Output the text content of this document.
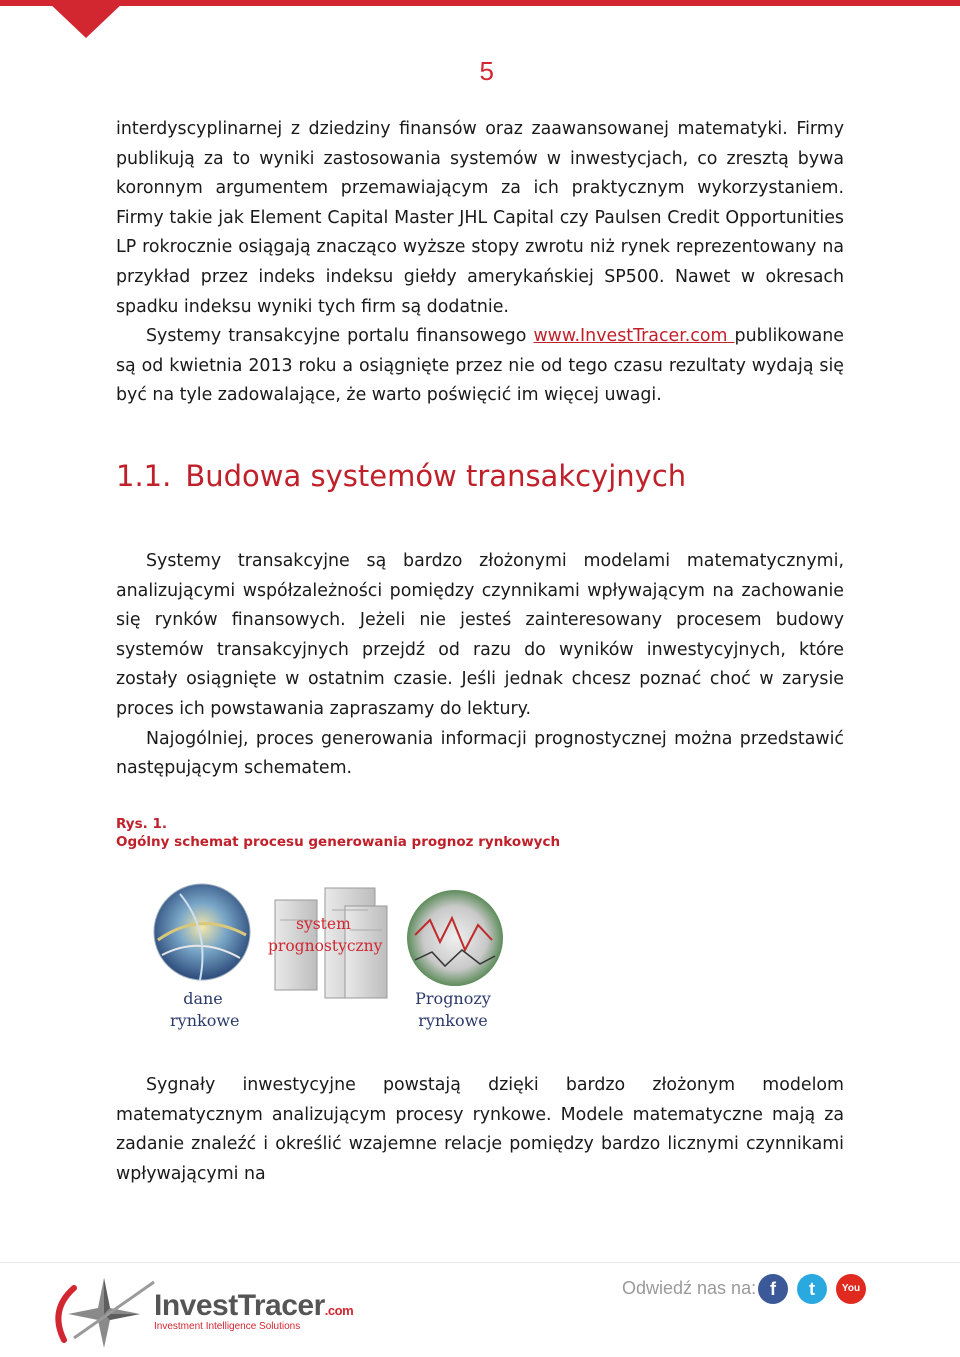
5

interdyscyplinarnej z dziedziny finansów oraz zaawansowanej matematyki. Firmy publikują za to wyniki zastosowania systemów w inwestycjach, co zresztą bywa koronnym argumentem przemawiającym za ich praktycznym wykorzystaniem. Firmy takie jak Element Capital Master JHL Capital czy Paulsen Credit Opportunities LP rokrocznie osiągają znacząco wyższe stopy zwrotu niż rynek reprezentowany na przykład przez indeks indeksu giełdy amerykańskiej SP500. Nawet w okresach spadku indeksu wyniki tych firm są dodatnie.

Systemy transakcyjne portalu finansowego www.InvestTracer.com publikowane są od kwietnia 2013 roku a osiągnięte przez nie od tego czasu rezultaty wydają się być na tyle zadowalające, że warto poświęcić im więcej uwagi.

1.1. Budowa systemów transakcyjnych

Systemy transakcyjne są bardzo złożonymi modelami matematycznymi, analizującymi współzależności pomiędzy czynnikami wpływającym na zachowanie się rynków finansowych. Jeżeli nie jesteś zainteresowany procesem budowy systemów transakcyjnych przejdź od razu do wyników inwestycyjnych, które zostały osiągnięte w ostatnim czasie. Jeśli jednak chcesz poznać choć w zarysie proces ich powstawania zapraszamy do lektury.

Najogólniej, proces generowania informacji prognostycznej można przedstawić następującym schematem.

Rys. 1.
Ogólny schemat procesu generowania prognoz rynkowych
system
prognostyczny
dane
rynkowe
Prognozy
rynkowe

Sygnały inwestycyjne powstają dzięki bardzo złożonym modelom matematycznym analizującym procesy rynkowe. Modele matematyczne mają za zadanie znaleźć i określić wzajemne relacje pomiędzy bardzo licznymi czynnikami wpływającymi na

InvestTracer.com
Investment Intelligence Solutions
Odwiedź nas na: f	t	You
